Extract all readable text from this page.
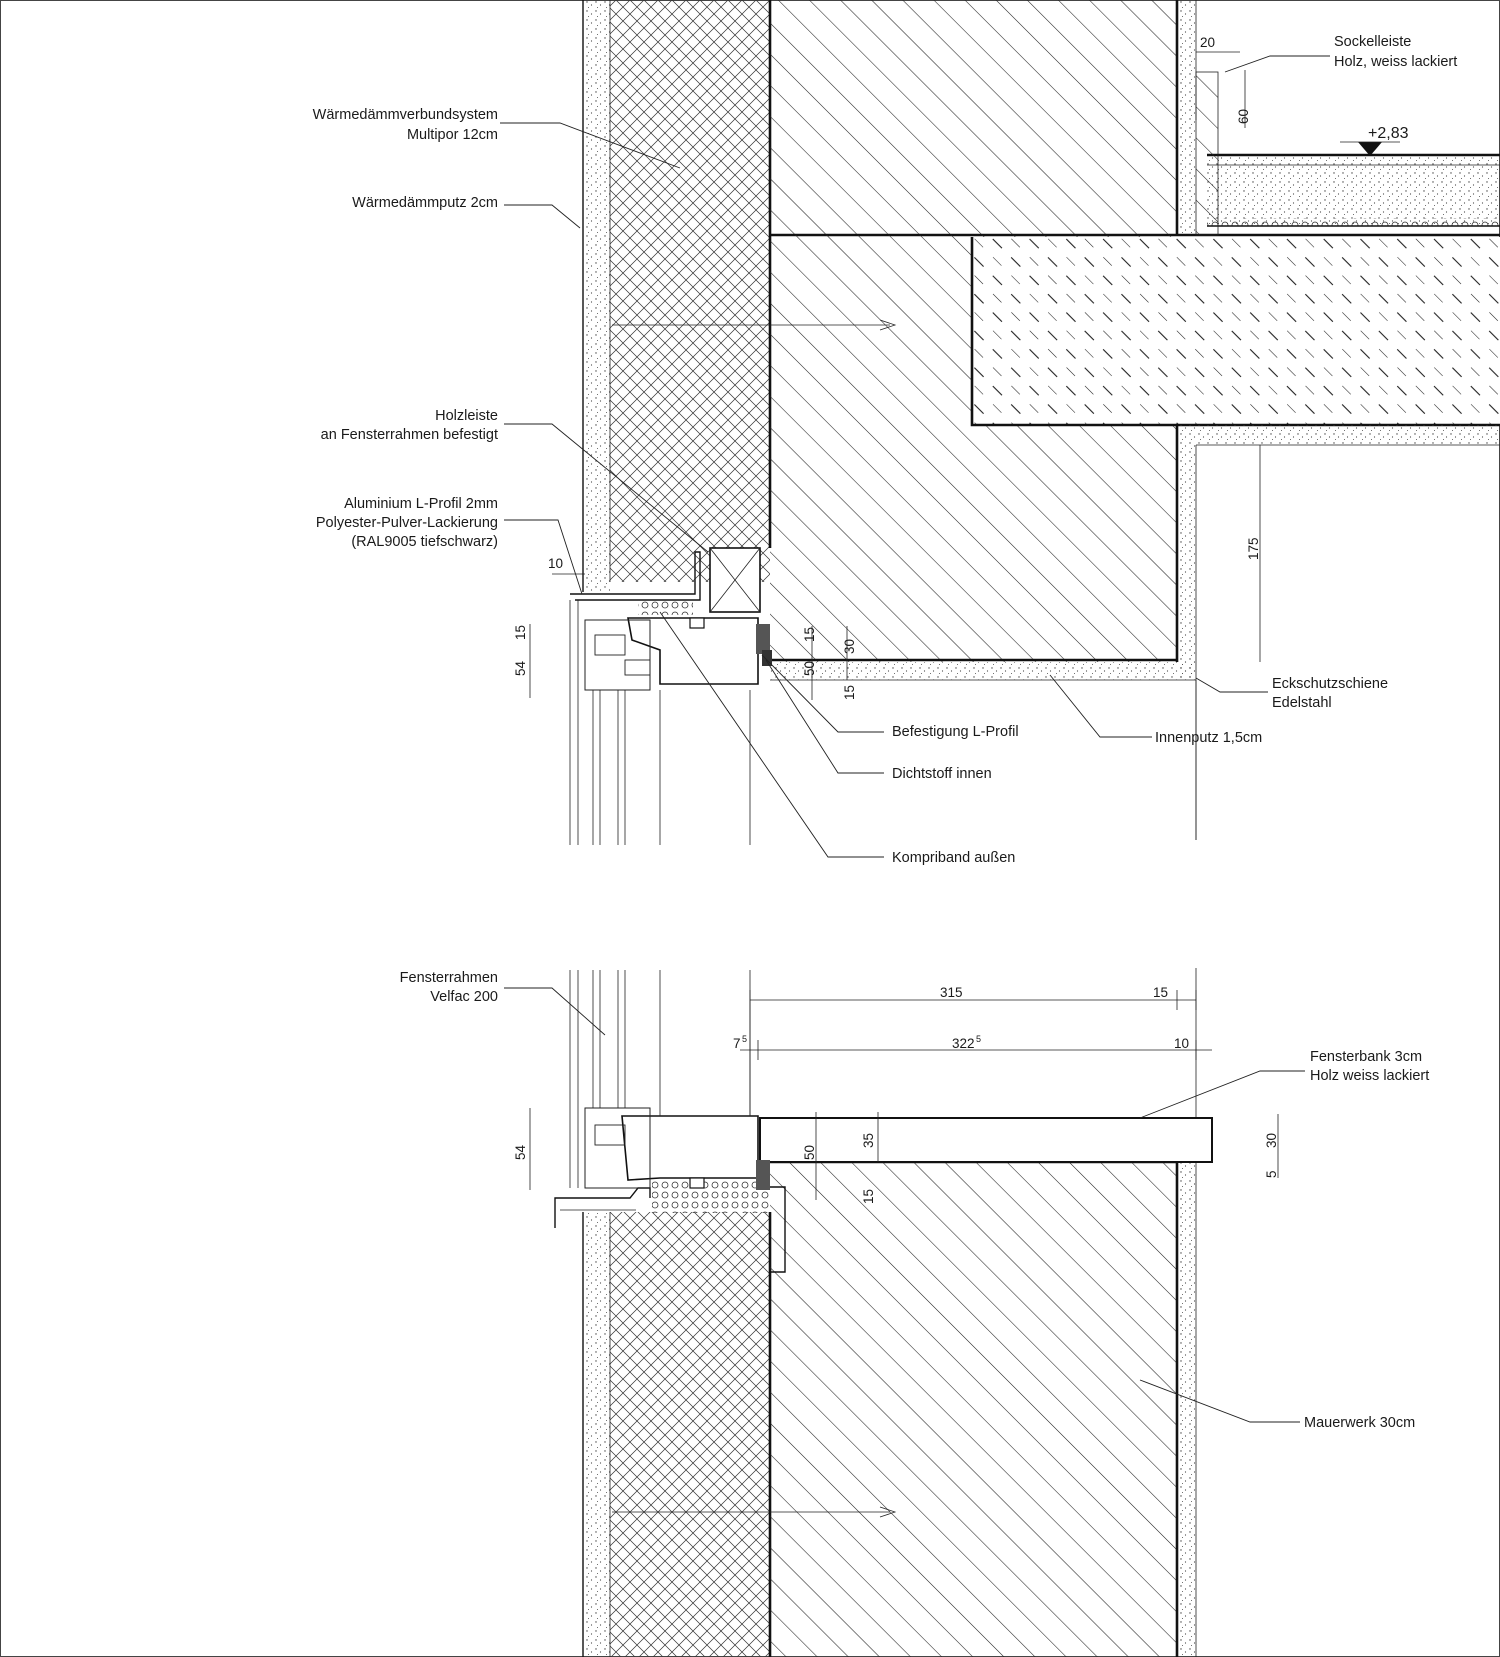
Wärmedämmverbundsystem
Multipor 12cm
Wärmedämmputz 2cm
Holzleiste
an Fensterrahmen befestigt
Aluminium L-Profil 2mm
Polyester-Pulver-Lackierung
(RAL9005 tiefschwarz)
Sockelleiste
Holz, weiss lackiert
+2,83
Eckschutzschiene
Edelstahl
Befestigung L-Profil	Innenputz 1,5cm
Dichtstoff innen
Kompriband außen
Fensterrahmen
Velfac 200
Fensterbank 3cm
Holz weiss lackiert
Mauerwerk 30cm
20
60
175
10
15
54
15
30
50
15
315	15
7 5	322 5	10
54	50
35
15
30
5
